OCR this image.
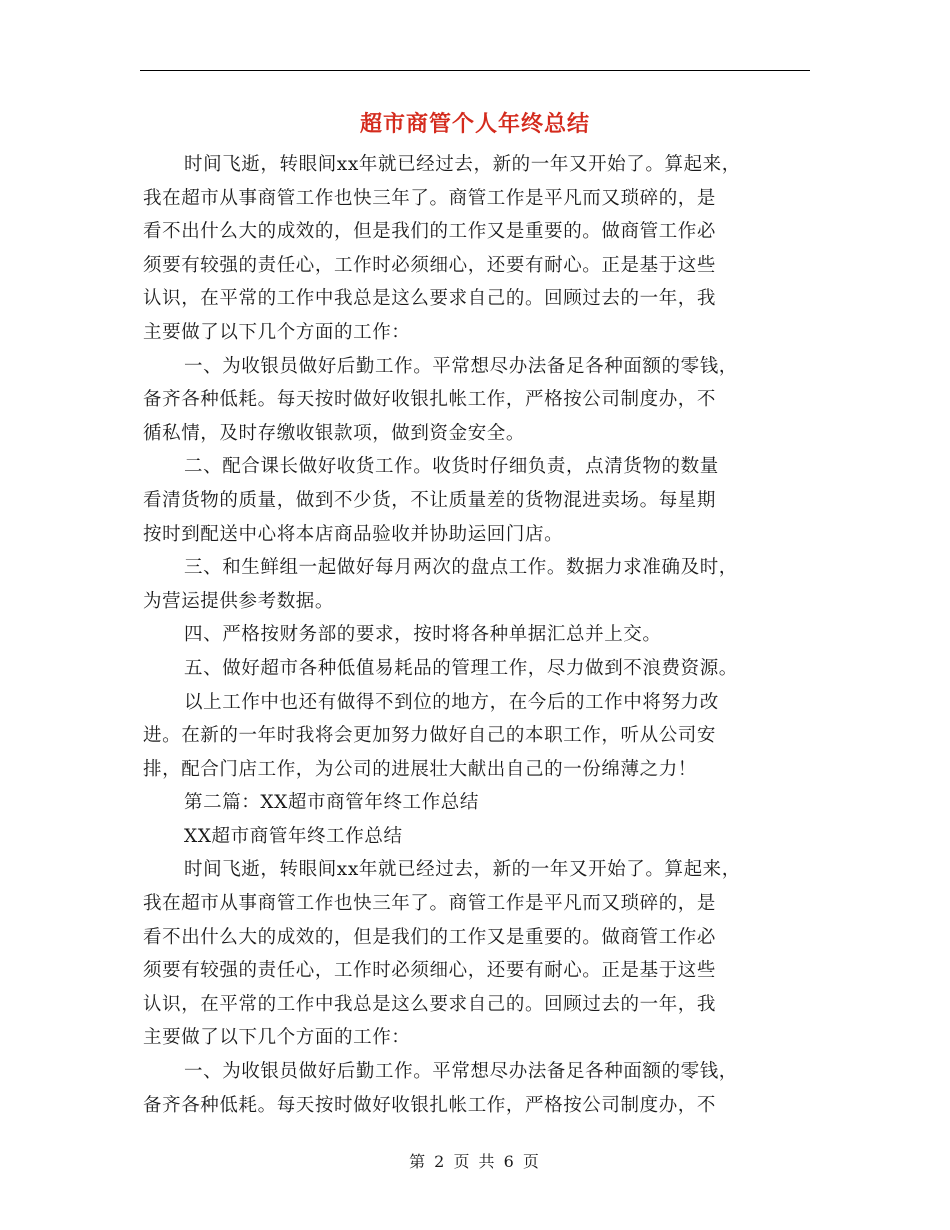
超市商管个人年终总结
时间飞逝，转眼间xx年就已经过去，新的一年又开始了。算起来，
我在超市从事商管工作也快三年了。商管工作是平凡而又琐碎的，是
看不出什么大的成效的，但是我们的工作又是重要的。做商管工作必
须要有较强的责任心，工作时必须细心，还要有耐心。正是基于这些
认识，在平常的工作中我总是这么要求自己的。回顾过去的一年，我
主要做了以下几个方面的工作：
一、为收银员做好后勤工作。平常想尽办法备足各种面额的零钱，
备齐各种低耗。每天按时做好收银扎帐工作，严格按公司制度办，不
循私情，及时存缴收银款项，做到资金安全。
二、配合课长做好收货工作。收货时仔细负责，点清货物的数量
看清货物的质量，做到不少货，不让质量差的货物混进卖场。每星期
按时到配送中心将本店商品验收并协助运回门店。
三、和生鲜组一起做好每月两次的盘点工作。数据力求准确及时，
为营运提供参考数据。
四、严格按财务部的要求，按时将各种单据汇总并上交。
五、做好超市各种低值易耗品的管理工作，尽力做到不浪费资源。
以上工作中也还有做得不到位的地方，在今后的工作中将努力改
进。在新的一年时我将会更加努力做好自己的本职工作，听从公司安
排，配合门店工作，为公司的进展壮大献出自己的一份绵薄之力！
第二篇：XX超市商管年终工作总结
XX超市商管年终工作总结
时间飞逝，转眼间xx年就已经过去，新的一年又开始了。算起来，
我在超市从事商管工作也快三年了。商管工作是平凡而又琐碎的，是
看不出什么大的成效的，但是我们的工作又是重要的。做商管工作必
须要有较强的责任心，工作时必须细心，还要有耐心。正是基于这些
认识，在平常的工作中我总是这么要求自己的。回顾过去的一年，我
主要做了以下几个方面的工作：
一、为收银员做好后勤工作。平常想尽办法备足各种面额的零钱，
备齐各种低耗。每天按时做好收银扎帐工作，严格按公司制度办，不
第 2 页 共 6 页
